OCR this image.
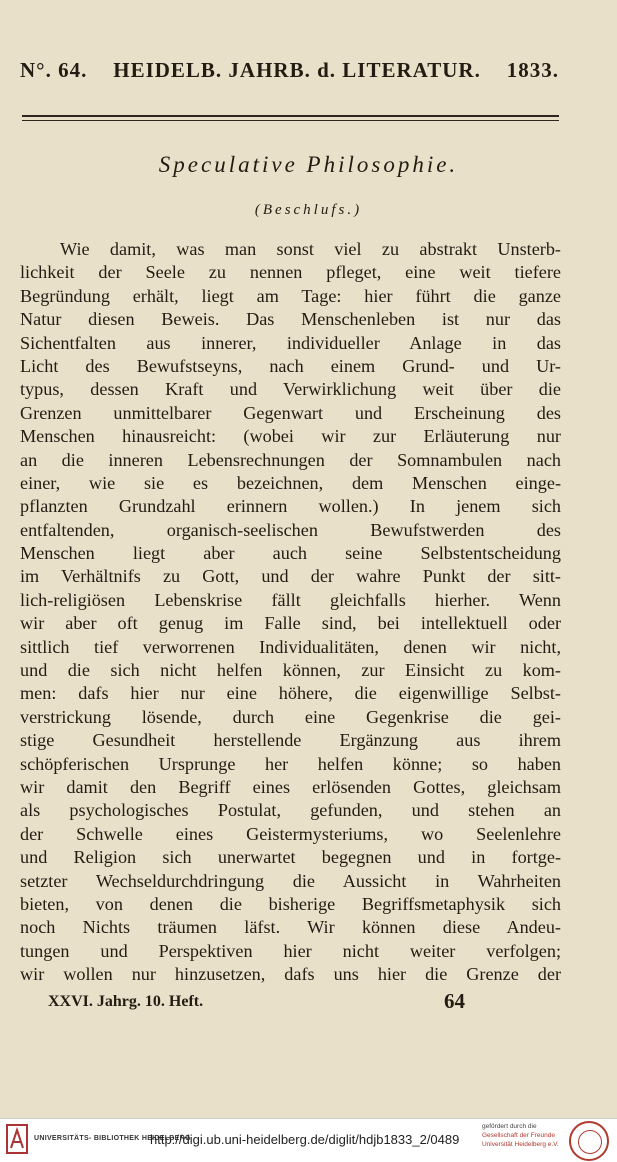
N°. 64. HEIDELB. JAHRB. d. LITERATUR. 1833.
Speculative Philosophie.
(Beschlufs.)
Wie damit, was man sonst viel zu abstrakt Unsterb-
lichkeit der Seele zu nennen pfleget, eine weit tiefere
Begründung erhält, liegt am Tage: hier führt die ganze
Natur diesen Beweis. Das Menschenleben ist nur das
Sichentfalten aus innerer, individueller Anlage in das
Licht des Bewufstseyns, nach einem Grund- und Ur-
typus, dessen Kraft und Verwirklichung weit über die
Grenzen unmittelbarer Gegenwart und Erscheinung des
Menschen hinausreicht: (wobei wir zur Erläuterung nur
an die inneren Lebensrechnungen der Somnambulen nach
einer, wie sie es bezeichnen, dem Menschen einge-
pflanzten Grundzahl erinnern wollen.) In jenem sich
entfaltenden, organisch-seelischen Bewufstwerden des
Menschen liegt aber auch seine Selbstentscheidung
im Verhältnifs zu Gott, und der wahre Punkt der sitt-
lich-religiösen Lebenskrise fällt gleichfalls hierher. Wenn
wir aber oft genug im Falle sind, bei intellektuell oder
sittlich tief verworrenen Individualitäten, denen wir nicht,
und die sich nicht helfen können, zur Einsicht zu kom-
men: dafs hier nur eine höhere, die eigenwillige Selbst-
verstrickung lösende, durch eine Gegenkrise die gei-
stige Gesundheit herstellende Ergänzung aus ihrem
schöpferischen Ursprunge her helfen könne; so haben
wir damit den Begriff eines erlösenden Gottes, gleichsam
als psychologisches Postulat, gefunden, und stehen an
der Schwelle eines Geistermysteriums, wo Seelenlehre
und Religion sich unerwartet begegnen und in fortge-
setzter Wechseldurchdringung die Aussicht in Wahrheiten
bieten, von denen die bisherige Begriffsmetaphysik sich
noch Nichts träumen läfst. Wir können diese Andeu-
tungen und Perspektiven hier nicht weiter verfolgen;
wir wollen nur hinzusetzen, dafs uns hier die Grenze der
XXVI. Jahrg. 10. Heft.	64
UNIVERSITÄTS- BIBLIOTHEK HEIDELBERG
http://digi.ub.uni-heidelberg.de/diglit/hdjb1833_2/0489
gefördert durch die
Gesellschaft der Freunde
Universität Heidelberg e.V.
